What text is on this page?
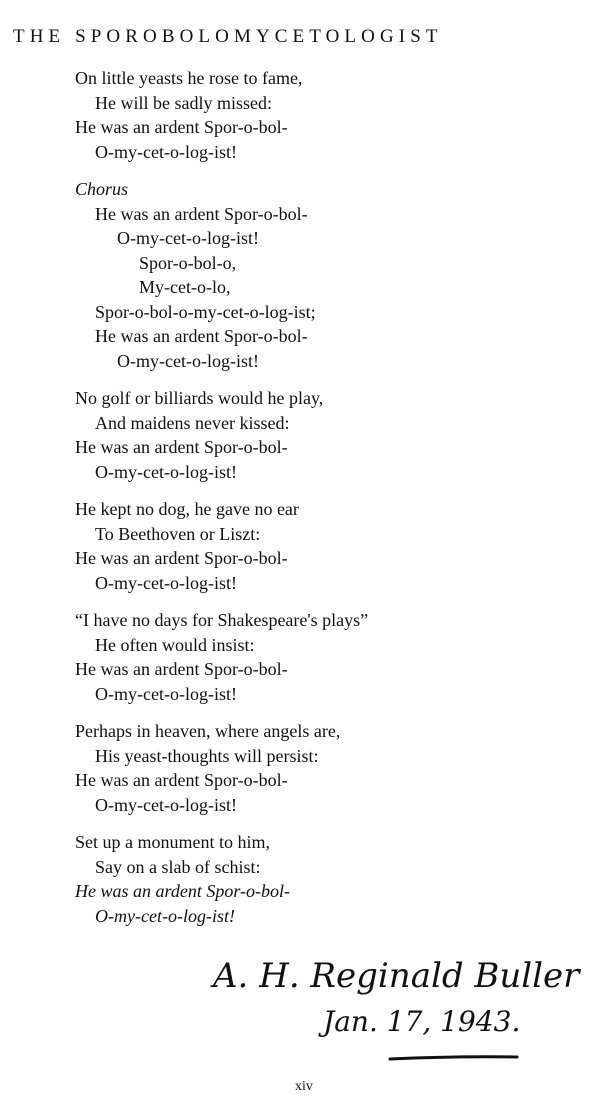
THE SPOROBOLOMYCETOLOGIST
On little yeasts he rose to fame,
He will be sadly missed:
He was an ardent Spor-o-bol-
O-my-cet-o-log-ist!
Chorus
He was an ardent Spor-o-bol-
O-my-cet-o-log-ist!
Spor-o-bol-o,
My-cet-o-lo,
Spor-o-bol-o-my-cet-o-log-ist;
He was an ardent Spor-o-bol-
O-my-cet-o-log-ist!
No golf or billiards would he play,
And maidens never kissed:
He was an ardent Spor-o-bol-
O-my-cet-o-log-ist!
He kept no dog, he gave no ear
To Beethoven or Liszt:
He was an ardent Spor-o-bol-
O-my-cet-o-log-ist!
“I have no days for Shakespeare's plays”
He often would insist:
He was an ardent Spor-o-bol-
O-my-cet-o-log-ist!
Perhaps in heaven, where angels are,
His yeast-thoughts will persist:
He was an ardent Spor-o-bol-
O-my-cet-o-log-ist!
Set up a monument to him,
Say on a slab of schist:
He was an ardent Spor-o-bol-
O-my-cet-o-log-ist!
A. H. Reginald Buller
Jan. 17, 1943.
xiv
